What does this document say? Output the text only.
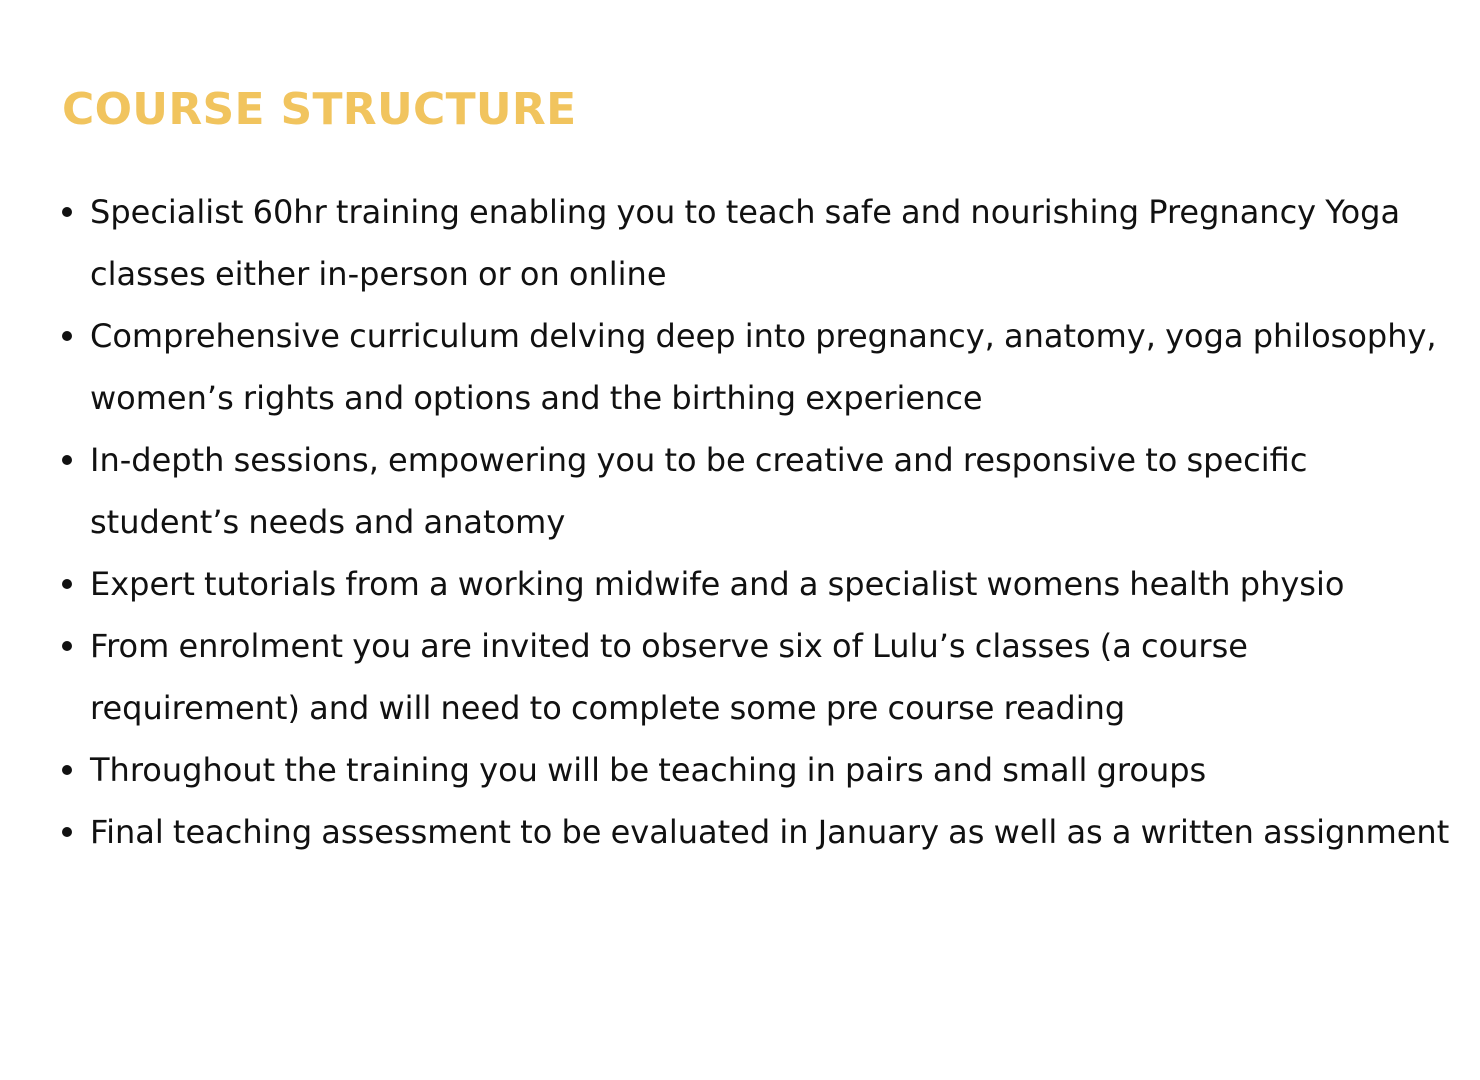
COURSE STRUCTURE
Specialist 60hr training enabling you to teach safe and nourishing Pregnancy Yoga classes either in-person or on online
Comprehensive curriculum delving deep into pregnancy, anatomy, yoga philosophy, women’s rights and options and the birthing experience
In-depth sessions, empowering you to be creative and responsive to specific student’s needs and anatomy
Expert tutorials from a working midwife and a specialist womens health physio
From enrolment you are invited to observe six of Lulu’s classes (a course requirement) and will need to complete some pre course reading
Throughout the training you will be teaching in pairs and small groups
Final teaching assessment to be evaluated in January as well as a written assignment
